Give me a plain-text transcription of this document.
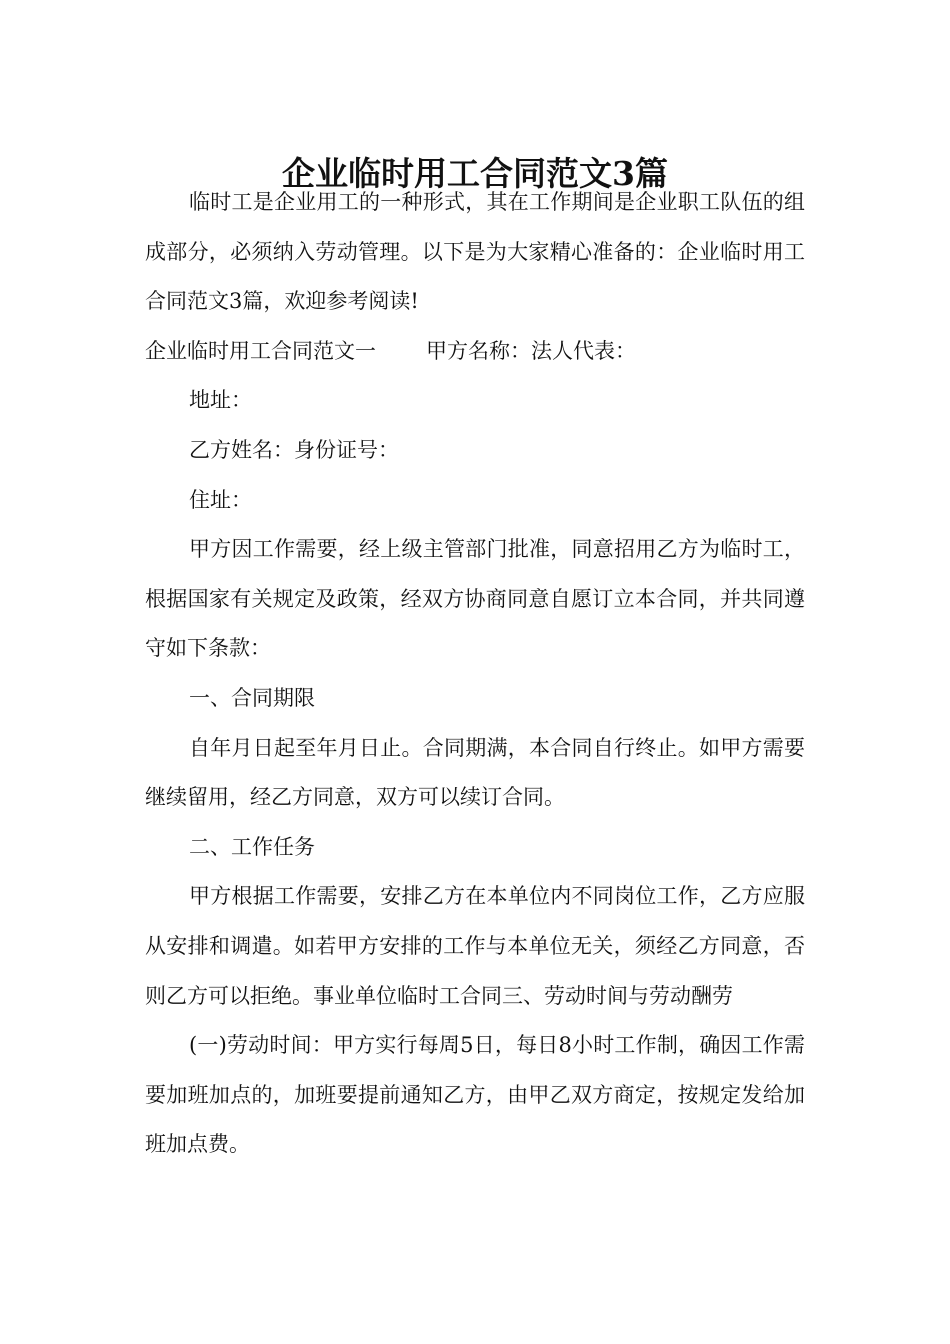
企业临时用工合同范文3篇

临时工是企业用工的一种形式，其在工作期间是企业职工队伍的组成部分，必须纳入劳动管理。以下是为大家精心准备的：企业临时用工合同范文3篇，欢迎参考阅读!

企业临时用工合同范文一 甲方名称：法人代表：

地址：

乙方姓名：身份证号：

住址：

甲方因工作需要，经上级主管部门批准，同意招用乙方为临时工，根据国家有关规定及政策，经双方协商同意自愿订立本合同，并共同遵守如下条款：

一、合同期限

自年月日起至年月日止。合同期满，本合同自行终止。如甲方需要继续留用，经乙方同意，双方可以续订合同。

二、工作任务

甲方根据工作需要，安排乙方在本单位内不同岗位工作，乙方应服从安排和调遣。如若甲方安排的工作与本单位无关，须经乙方同意，否则乙方可以拒绝。事业单位临时工合同三、劳动时间与劳动酬劳

(一)劳动时间：甲方实行每周5日，每日8小时工作制，确因工作需要加班加点的，加班要提前通知乙方，由甲乙双方商定，按规定发给加班加点费。
